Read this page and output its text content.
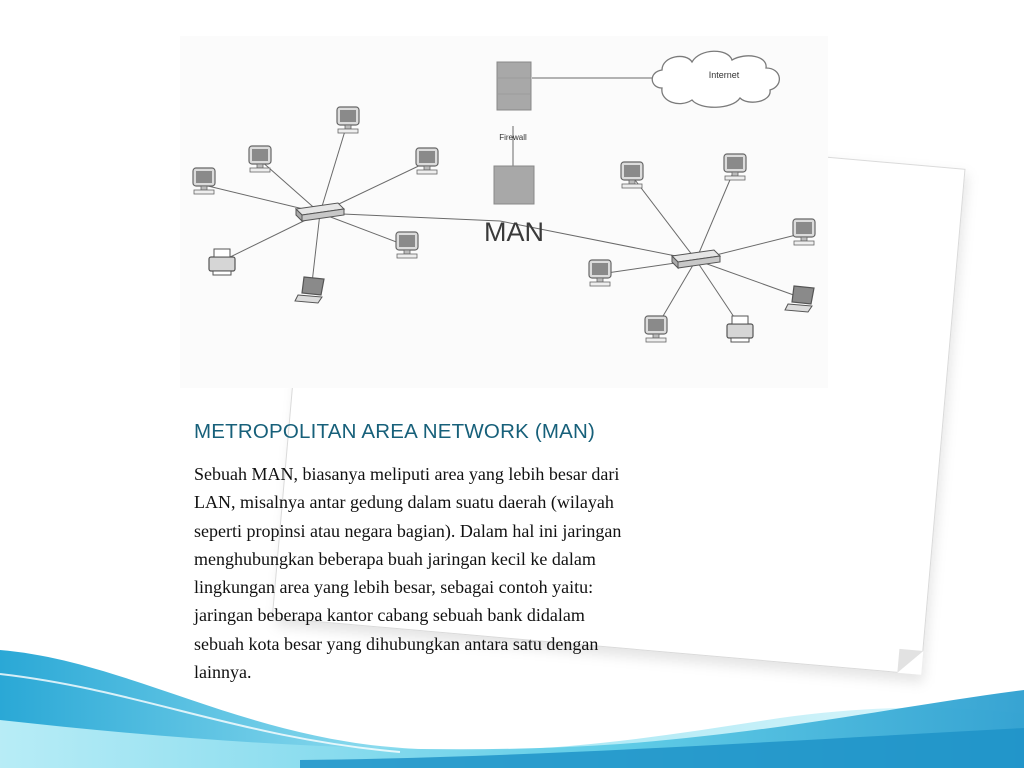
Internet
Firewall
MAN
METROPOLITAN AREA NETWORK (MAN)
Sebuah MAN, biasanya meliputi area yang lebih besar dari
LAN, misalnya antar gedung dalam suatu daerah (wilayah
seperti propinsi atau negara bagian). Dalam hal ini jaringan
menghubungkan beberapa buah jaringan kecil ke dalam
lingkungan area yang lebih besar, sebagai contoh yaitu:
jaringan beberapa kantor cabang sebuah bank didalam
sebuah kota besar yang dihubungkan antara satu dengan
lainnya.
